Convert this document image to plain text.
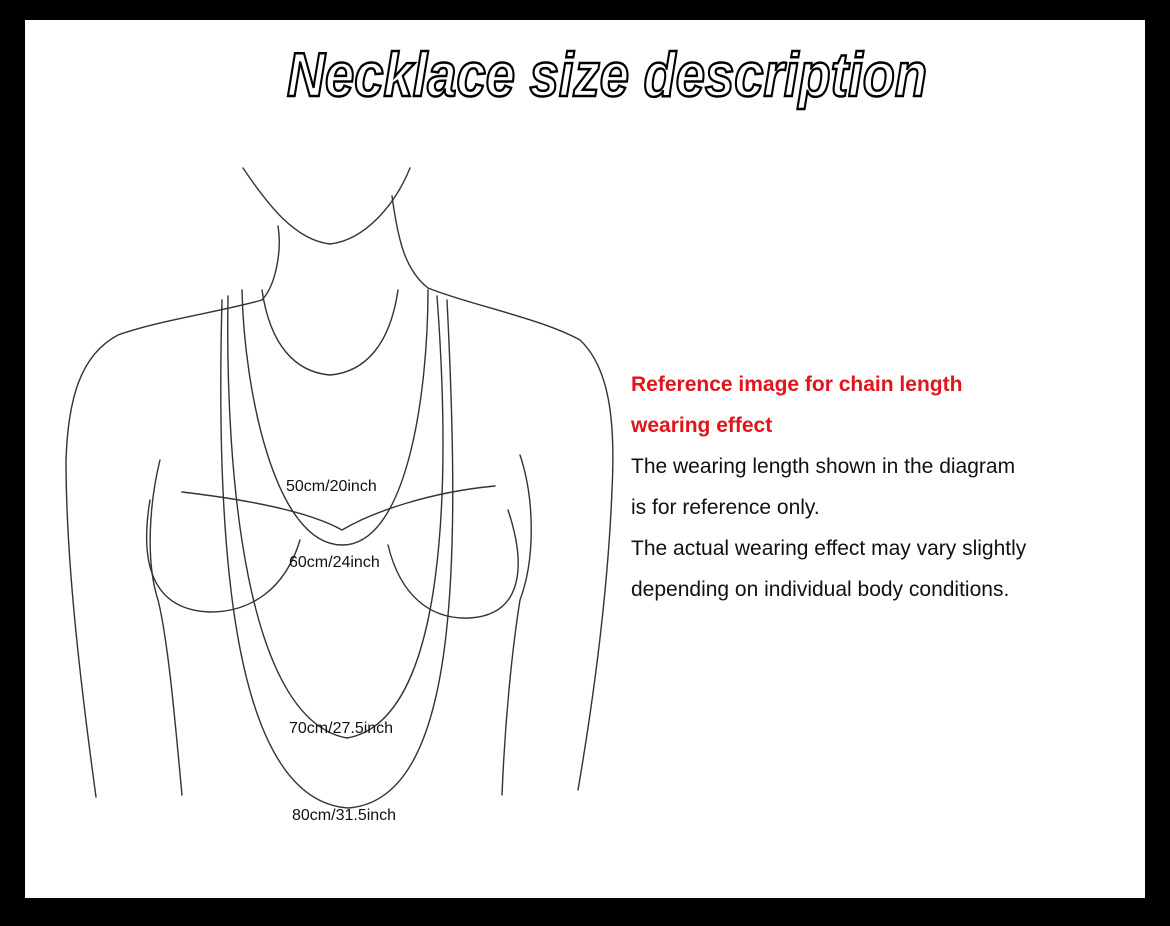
Necklace size description
50cm/20inch
60cm/24inch
70cm/27.5inch
80cm/31.5inch

Reference image for chain length

wearing effect

The wearing length shown in the diagram

is for reference only.

The actual wearing effect may vary slightly

depending on individual body conditions.
